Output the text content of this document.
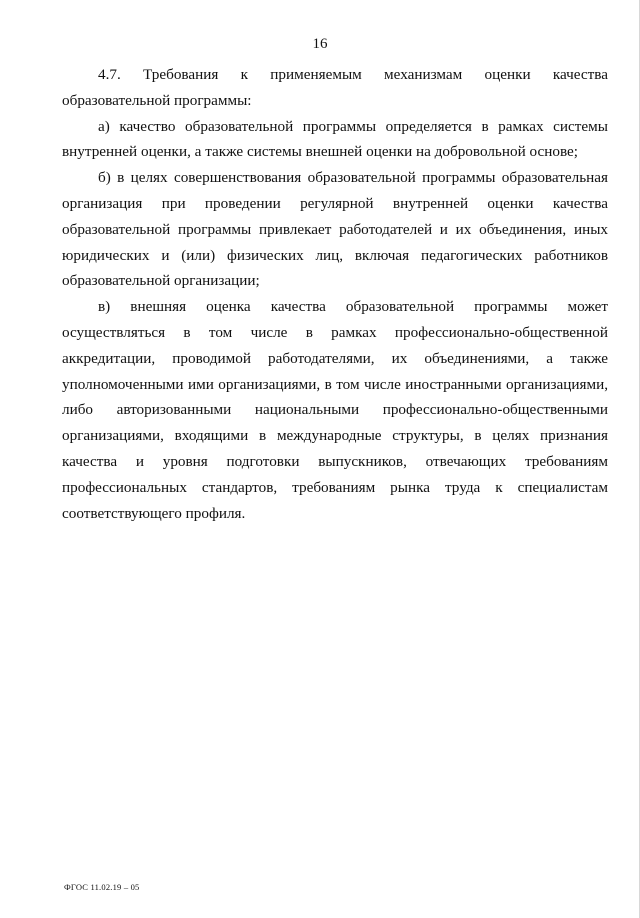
16

4.7. Требования к применяемым механизмам оценки качества образовательной программы:

а) качество образовательной программы определяется в рамках системы внутренней оценки, а также системы внешней оценки на добровольной основе;

б) в целях совершенствования образовательной программы образовательная организация при проведении регулярной внутренней оценки качества образовательной программы привлекает работодателей и их объединения, иных юридических и (или) физических лиц, включая педагогических работников образовательной организации;

в) внешняя оценка качества образовательной программы может осуществляться в том числе в рамках профессионально-общественной аккредитации, проводимой работодателями, их объединениями, а также уполномоченными ими организациями, в том числе иностранными организациями, либо авторизованными национальными профессионально-общественными организациями, входящими в международные структуры, в целях признания качества и уровня подготовки выпускников, отвечающих требованиям профессиональных стандартов, требованиям рынка труда к специалистам соответствующего профиля.

ФГОС 11.02.19 – 05
